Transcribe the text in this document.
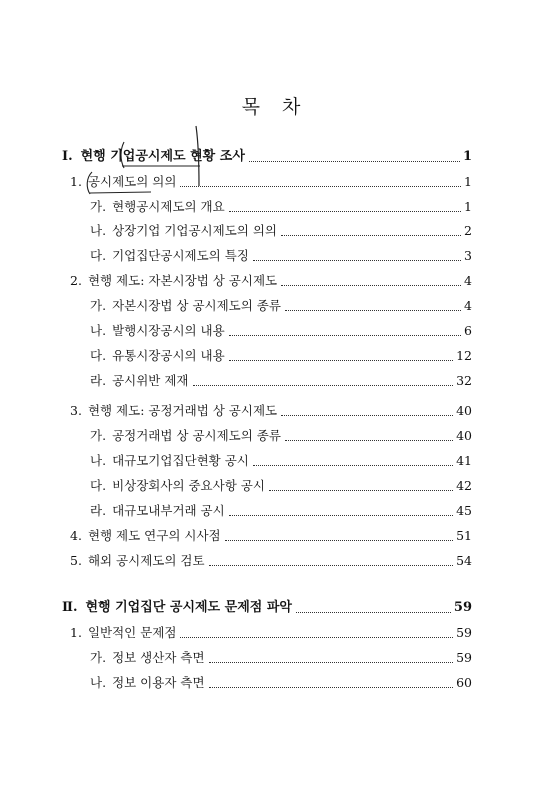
목 차
Ⅰ. 현행 기업공시제도 현황 조사	1
1. 공시제도의 의의	1
가. 현행공시제도의 개요	1
나. 상장기업 기업공시제도의 의의	2
다. 기업집단공시제도의 특징	3
2. 현행 제도: 자본시장법 상 공시제도	4
가. 자본시장법 상 공시제도의 종류	4
나. 발행시장공시의 내용	6
다. 유통시장공시의 내용	12
라. 공시위반 제재	32
3. 현행 제도: 공정거래법 상 공시제도	40
가. 공정거래법 상 공시제도의 종류	40
나. 대규모기업집단현황 공시	41
다. 비상장회사의 중요사항 공시	42
라. 대규모내부거래 공시	45
4. 현행 제도 연구의 시사점	51
5. 해외 공시제도의 검토	54
Ⅱ. 현행 기업집단 공시제도 문제점 파악	59
1. 일반적인 문제점	59
가. 정보 생산자 측면	59
나. 정보 이용자 측면	60
